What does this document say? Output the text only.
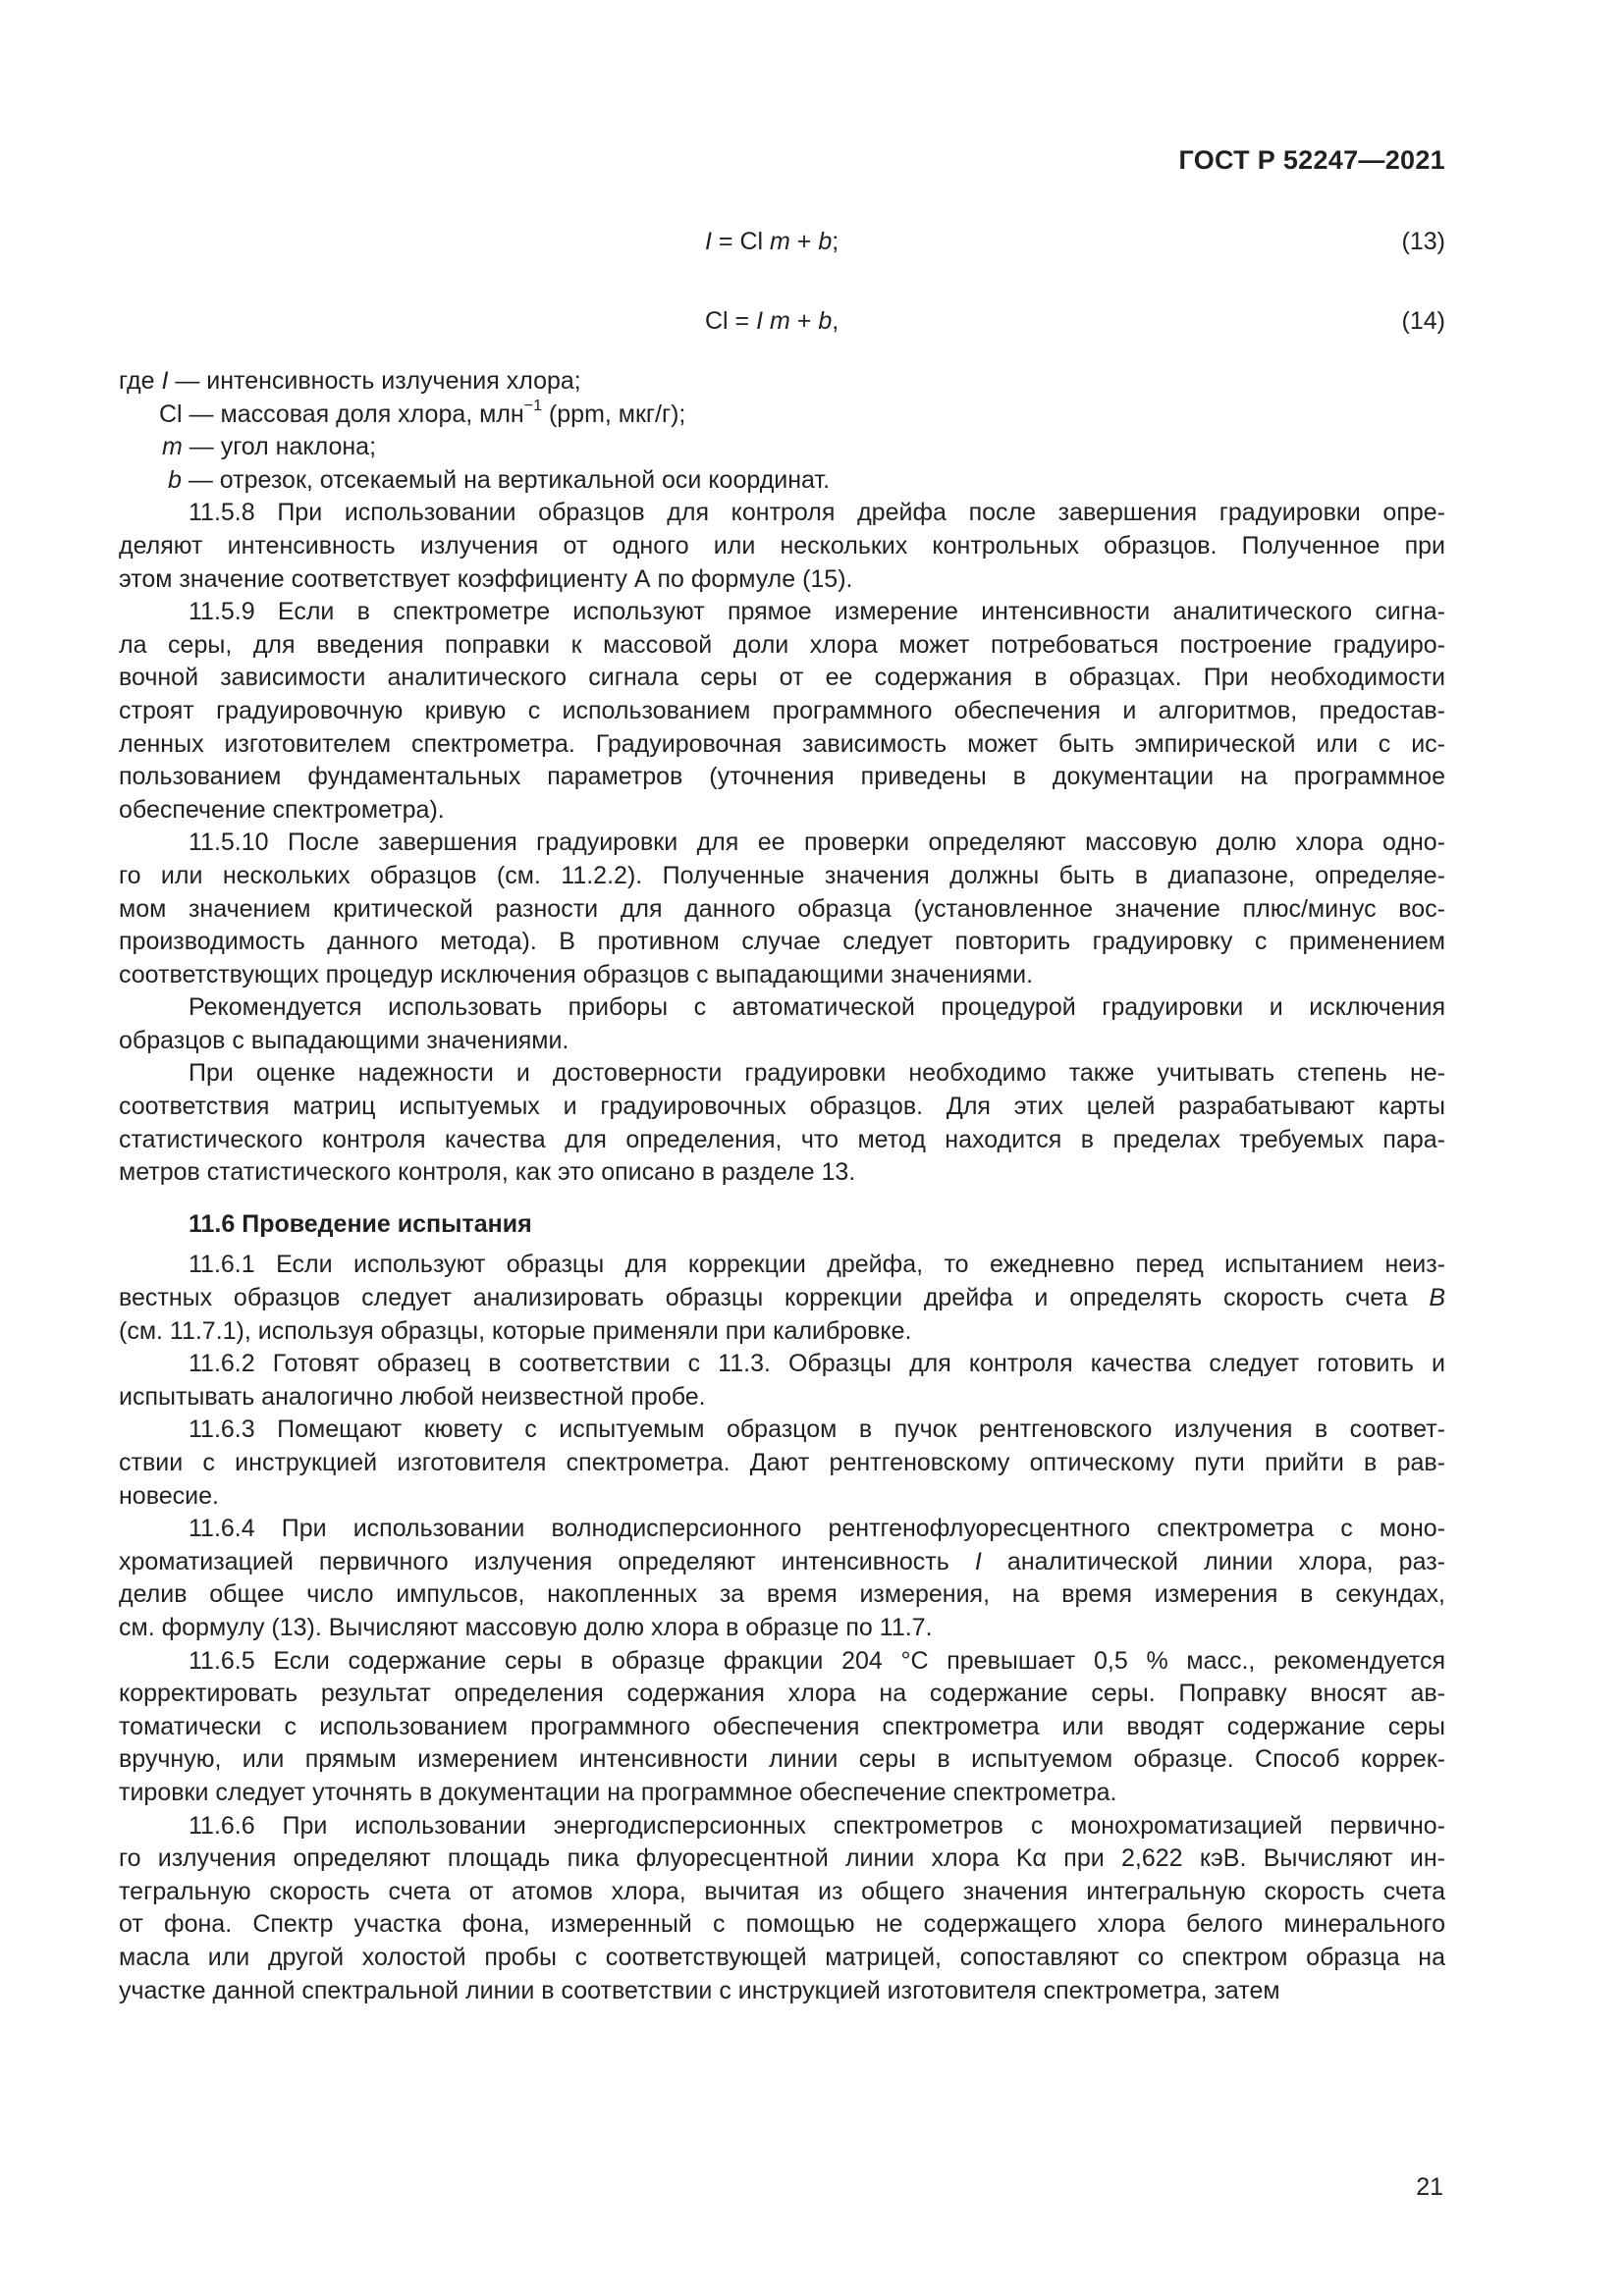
ГОСТ Р 52247—2021
I = Cl m + b;	(13)
Cl = I m + b,	(14)
где I — интенсивность излучения хлора;
Cl — массовая доля хлора, млн$^{-1}$ (ppm, мкг/г);
m — угол наклона;
b — отрезок, отсекаемый на вертикальной оси координат.
11.5.8 При использовании образцов для контроля дрейфа после завершения градуировки опре-
деляют интенсивность излучения от одного или нескольких контрольных образцов. Полученное при
этом значение соответствует коэффициенту А по формуле (15).
11.5.9 Если в спектрометре используют прямое измерение интенсивности аналитического сигна-
ла серы, для введения поправки к массовой доли хлора может потребоваться построение градуиро-
вочной зависимости аналитического сигнала серы от ее содержания в образцах. При необходимости
строят градуировочную кривую с использованием программного обеспечения и алгоритмов, предостав-
ленных изготовителем спектрометра. Градуировочная зависимость может быть эмпирической или с ис-
пользованием фундаментальных параметров (уточнения приведены в документации на программное
обеспечение спектрометра).
11.5.10 После завершения градуировки для ее проверки определяют массовую долю хлора одно-
го или нескольких образцов (см. 11.2.2). Полученные значения должны быть в диапазоне, определяе-
мом значением критической разности для данного образца (установленное значение плюс/минус вос-
производимость данного метода). В противном случае следует повторить градуировку с применением
соответствующих процедур исключения образцов с выпадающими значениями.
Рекомендуется использовать приборы с автоматической процедурой градуировки и исключения
образцов с выпадающими значениями.
При оценке надежности и достоверности градуировки необходимо также учитывать степень не-
соответствия матриц испытуемых и градуировочных образцов. Для этих целей разрабатывают карты
статистического контроля качества для определения, что метод находится в пределах требуемых пара-
метров статистического контроля, как это описано в разделе 13.
11.6 Проведение испытания
11.6.1 Если используют образцы для коррекции дрейфа, то ежедневно перед испытанием неиз-
вестных образцов следует анализировать образцы коррекции дрейфа и определять скорость счета B
(см. 11.7.1), используя образцы, которые применяли при калибровке.
11.6.2 Готовят образец в соответствии с 11.3. Образцы для контроля качества следует готовить и
испытывать аналогично любой неизвестной пробе.
11.6.3 Помещают кювету с испытуемым образцом в пучок рентгеновского излучения в соответ-
ствии с инструкцией изготовителя спектрометра. Дают рентгеновскому оптическому пути прийти в рав-
новесие.
11.6.4 При использовании волнодисперсионного рентгенофлуоресцентного спектрометра с моно-
хроматизацией первичного излучения определяют интенсивность I аналитической линии хлора, раз-
делив общее число импульсов, накопленных за время измерения, на время измерения в секундах,
см. формулу (13). Вычисляют массовую долю хлора в образце по 11.7.
11.6.5 Если содержание серы в образце фракции 204 °С превышает 0,5 % масс., рекомендуется
корректировать результат определения содержания хлора на содержание серы. Поправку вносят ав-
томатически с использованием программного обеспечения спектрометра или вводят содержание серы
вручную, или прямым измерением интенсивности линии серы в испытуемом образце. Способ коррек-
тировки следует уточнять в документации на программное обеспечение спектрометра.
11.6.6 При использовании энергодисперсионных спектрометров с монохроматизацией первично-
го излучения определяют площадь пика флуоресцентной линии хлора Kα при 2,622 кэВ. Вычисляют ин-
тегральную скорость счета от атомов хлора, вычитая из общего значения интегральную скорость счета
от фона. Спектр участка фона, измеренный с помощью не содержащего хлора белого минерального
масла или другой холостой пробы с соответствующей матрицей, сопоставляют со спектром образца на
участке данной спектральной линии в соответствии с инструкцией изготовителя спектрометра, затем
21
